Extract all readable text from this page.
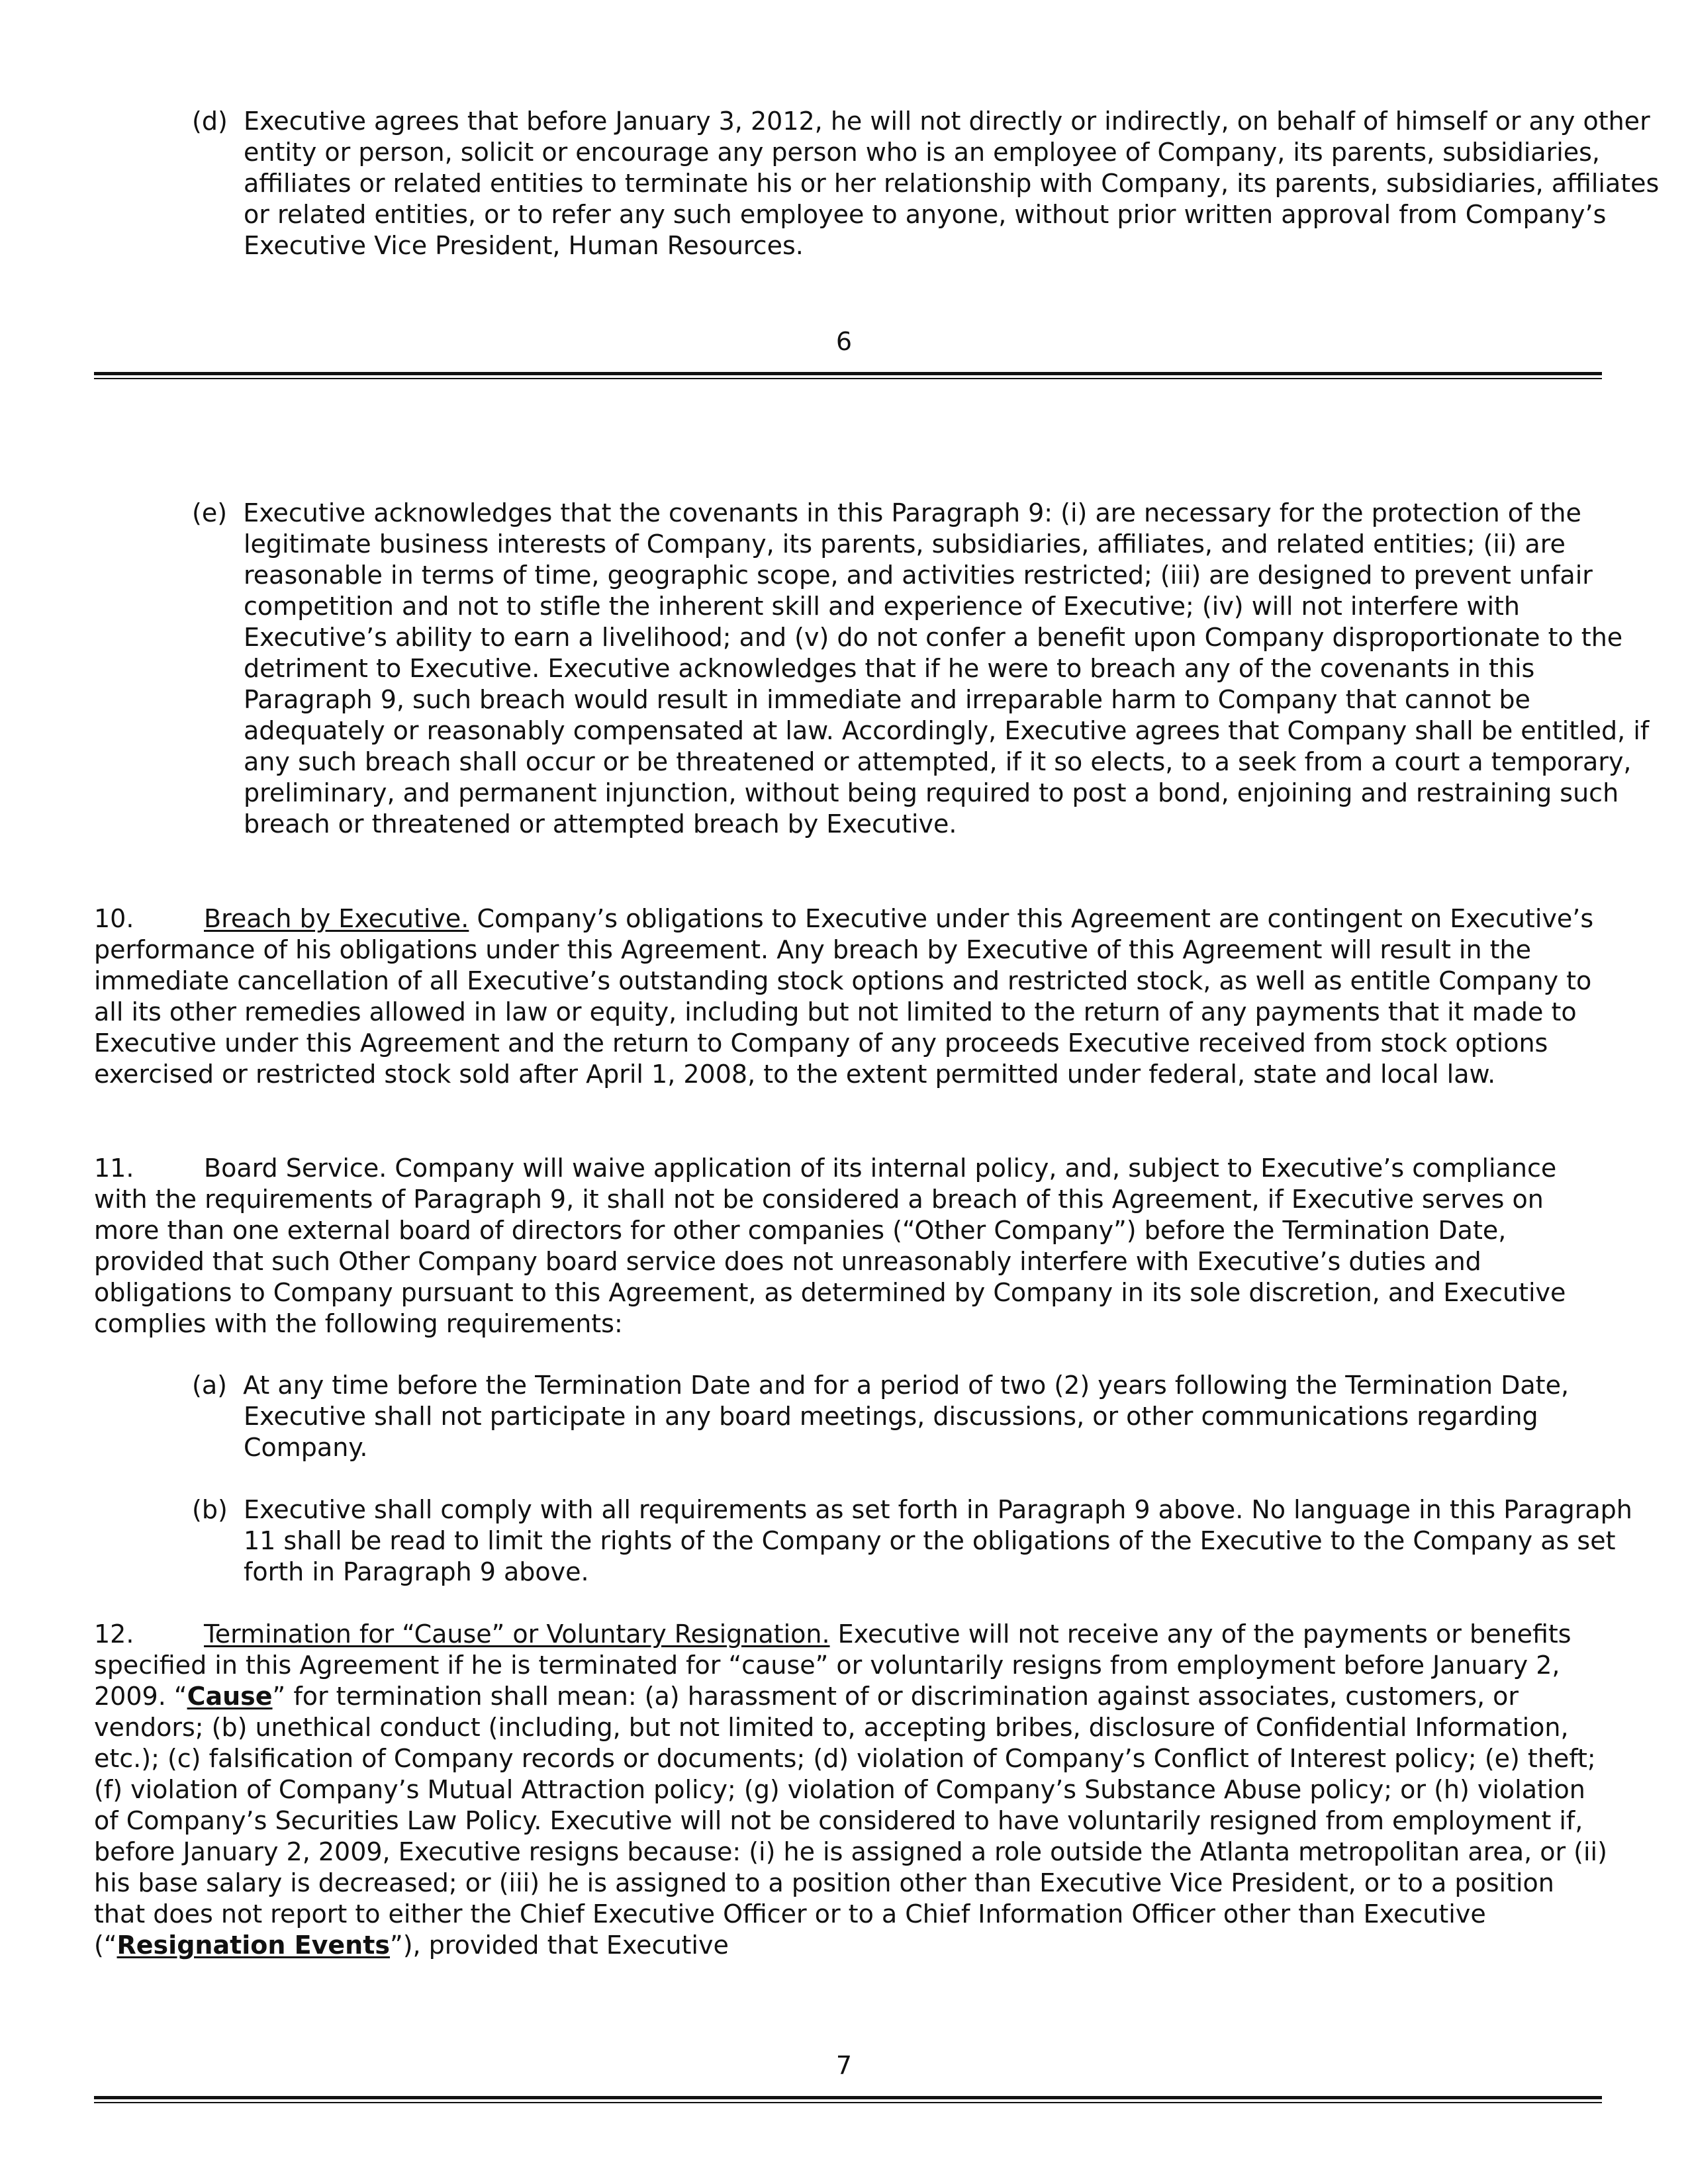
(d) Executive agrees that before January 3, 2012, he will not directly or indirectly, on behalf of himself or any other entity or person, solicit or encourage any person who is an employee of Company, its parents, subsidiaries, affiliates or related entities to terminate his or her relationship with Company, its parents, subsidiaries, affiliates or related entities, or to refer any such employee to anyone, without prior written approval from Company’s Executive Vice President, Human Resources.

6

(e) Executive acknowledges that the covenants in this Paragraph 9: (i) are necessary for the protection of the legitimate business interests of Company, its parents, subsidiaries, affiliates, and related entities; (ii) are reasonable in terms of time, geographic scope, and activities restricted; (iii) are designed to prevent unfair competition and not to stifle the inherent skill and experience of Executive; (iv) will not interfere with Executive’s ability to earn a livelihood; and (v) do not confer a benefit upon Company disproportionate to the detriment to Executive. Executive acknowledges that if he were to breach any of the covenants in this Paragraph 9, such breach would result in immediate and irreparable harm to Company that cannot be adequately or reasonably compensated at law. Accordingly, Executive agrees that Company shall be entitled, if any such breach shall occur or be threatened or attempted, if it so elects, to a seek from a court a temporary, preliminary, and permanent injunction, without being required to post a bond, enjoining and restraining such breach or threatened or attempted breach by Executive.

10.	Breach by Executive. Company’s obligations to Executive under this Agreement are contingent on Executive’s performance of his obligations under this Agreement. Any breach by Executive of this Agreement will result in the immediate cancellation of all Executive’s outstanding stock options and restricted stock, as well as entitle Company to all its other remedies allowed in law or equity, including but not limited to the return of any payments that it made to Executive under this Agreement and the return to Company of any proceeds Executive received from stock options exercised or restricted stock sold after April 1, 2008, to the extent permitted under federal, state and local law.

11.	Board Service. Company will waive application of its internal policy, and, subject to Executive’s compliance with the requirements of Paragraph 9, it shall not be considered a breach of this Agreement, if Executive serves on more than one external board of directors for other companies (“Other Company”) before the Termination Date, provided that such Other Company board service does not unreasonably interfere with Executive’s duties and obligations to Company pursuant to this Agreement, as determined by Company in its sole discretion, and Executive complies with the following requirements:

(a) At any time before the Termination Date and for a period of two (2) years following the Termination Date, Executive shall not participate in any board meetings, discussions, or other communications regarding Company.

(b) Executive shall comply with all requirements as set forth in Paragraph 9 above. No language in this Paragraph 11 shall be read to limit the rights of the Company or the obligations of the Executive to the Company as set forth in Paragraph 9 above.

12.	Termination for “Cause” or Voluntary Resignation. Executive will not receive any of the payments or benefits specified in this Agreement if he is terminated for “cause” or voluntarily resigns from employment before January 2, 2009. “Cause” for termination shall mean: (a) harassment of or discrimination against associates, customers, or vendors; (b) unethical conduct (including, but not limited to, accepting bribes, disclosure of Confidential Information, etc.); (c) falsification of Company records or documents; (d) violation of Company’s Conflict of Interest policy; (e) theft; (f) violation of Company’s Mutual Attraction policy; (g) violation of Company’s Substance Abuse policy; or (h) violation of Company’s Securities Law Policy. Executive will not be considered to have voluntarily resigned from employment if, before January 2, 2009, Executive resigns because: (i) he is assigned a role outside the Atlanta metropolitan area, or (ii) his base salary is decreased; or (iii) he is assigned to a position other than Executive Vice President, or to a position that does not report to either the Chief Executive Officer or to a Chief Information Officer other than Executive (“Resignation Events”), provided that Executive

7
